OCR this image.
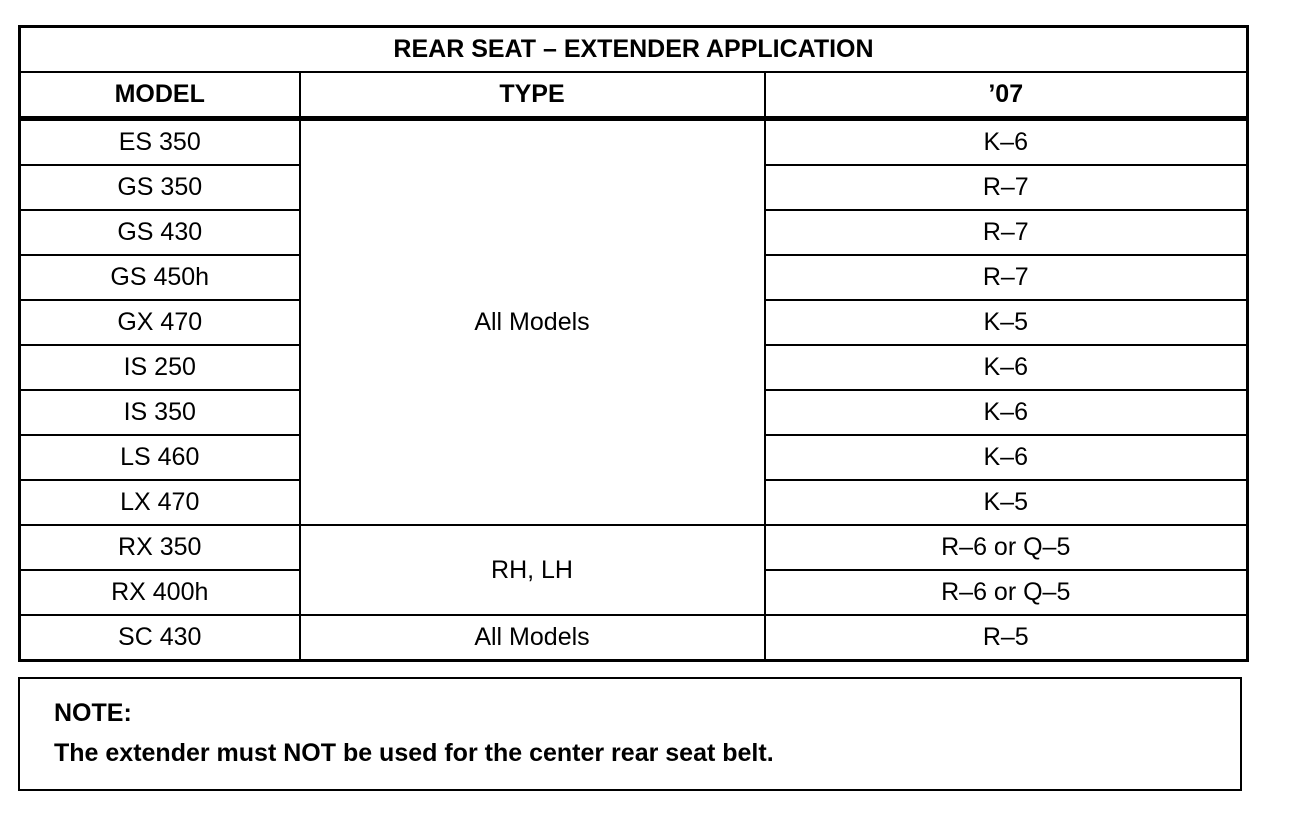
REAR SEAT – EXTENDER APPLICATION		
MODEL	TYPE	’07
ES 350	All Models	K–6
GS 350		R–7
GS 430		R–7
GS 450h		R–7
GX 470		K–5
IS 250		K–6
IS 350		K–6
LS 460		K–6
LX 470		K–5
RX 350	RH, LH	R–6 or Q–5
RX 400h		R–6 or Q–5
SC 430	All Models	R–5

NOTE:

The extender must NOT be used for the center rear seat belt.
